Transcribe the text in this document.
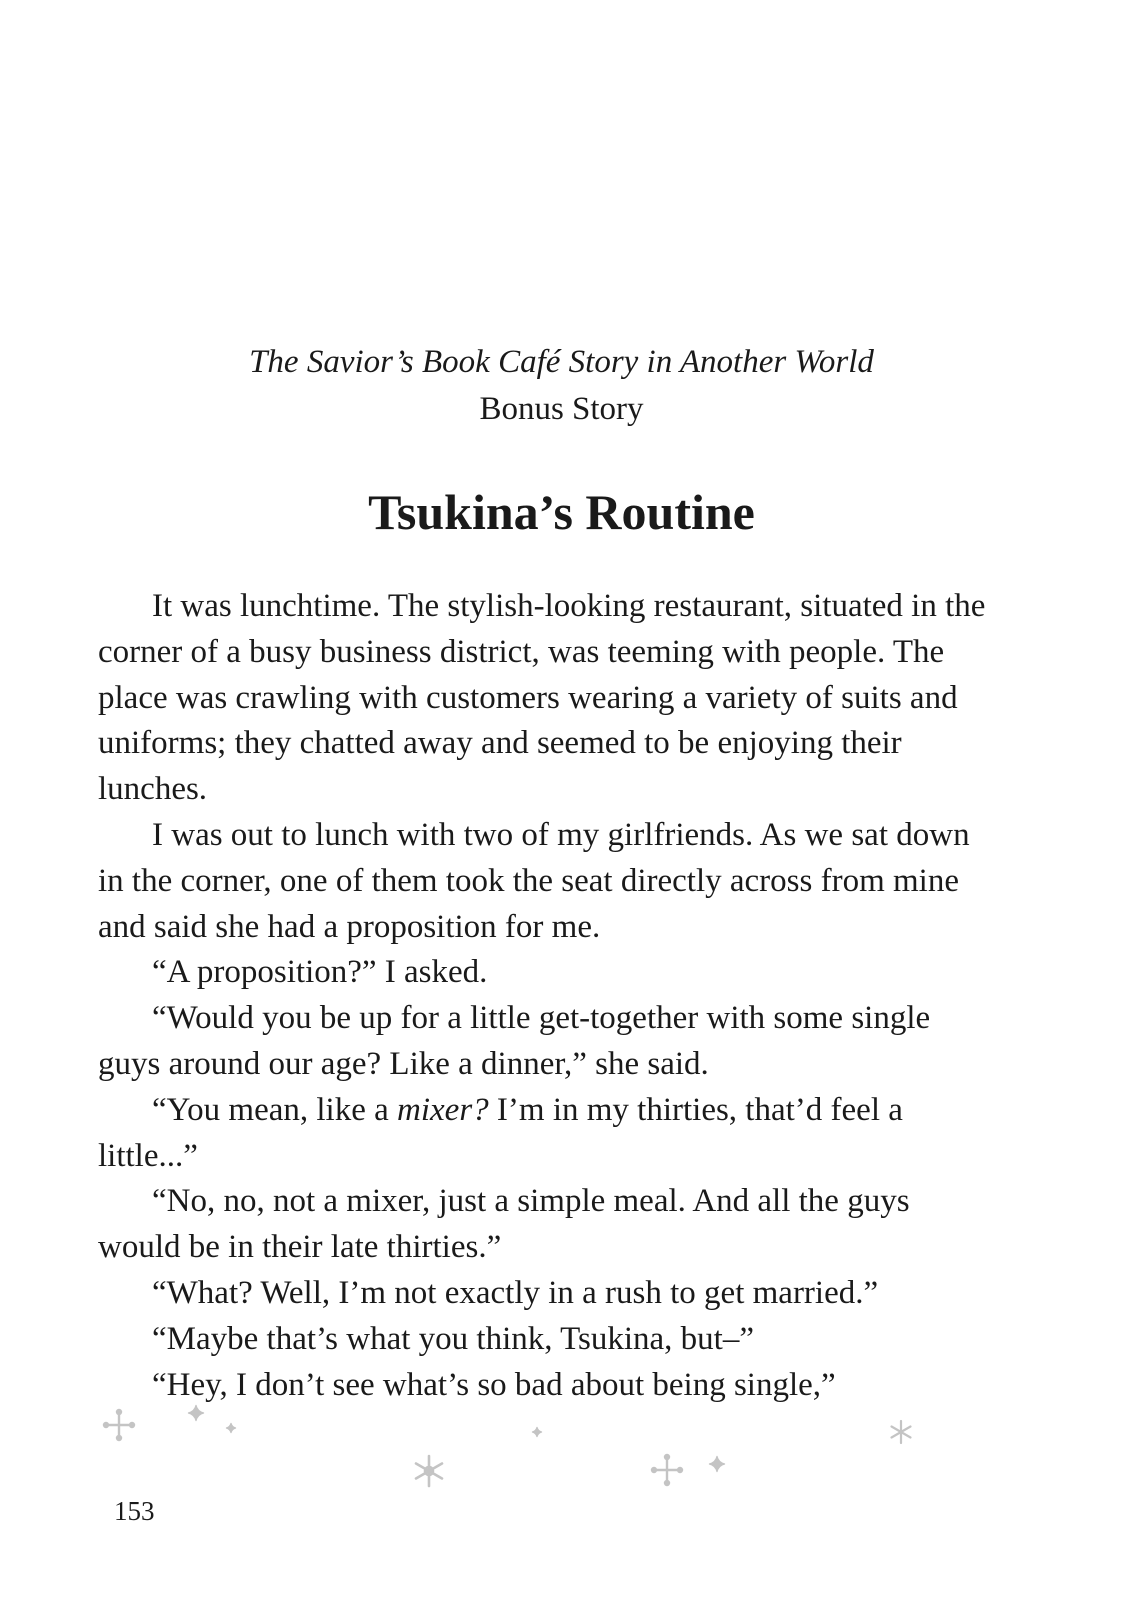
The Savior’s Book Café Story in Another World

Bonus Story

Tsukina’s Routine

It was lunchtime. The stylish-looking restaurant, situated in the corner of a busy business district, was teeming with people. The place was crawling with customers wearing a variety of suits and uniforms; they chatted away and seemed to be enjoying their lunches.

I was out to lunch with two of my girlfriends. As we sat down in the corner, one of them took the seat directly across from mine and said she had a proposition for me.

“A proposition?” I asked.

“Would you be up for a little get-together with some single guys around our age? Like a dinner,” she said.

“You mean, like a mixer? I’m in my thirties, that’d feel a little...”

“No, no, not a mixer, just a simple meal. And all the guys would be in their late thirties.”

“What? Well, I’m not exactly in a rush to get married.”

“Maybe that’s what you think, Tsukina, but–”

“Hey, I don’t see what’s so bad about being single,”

153
